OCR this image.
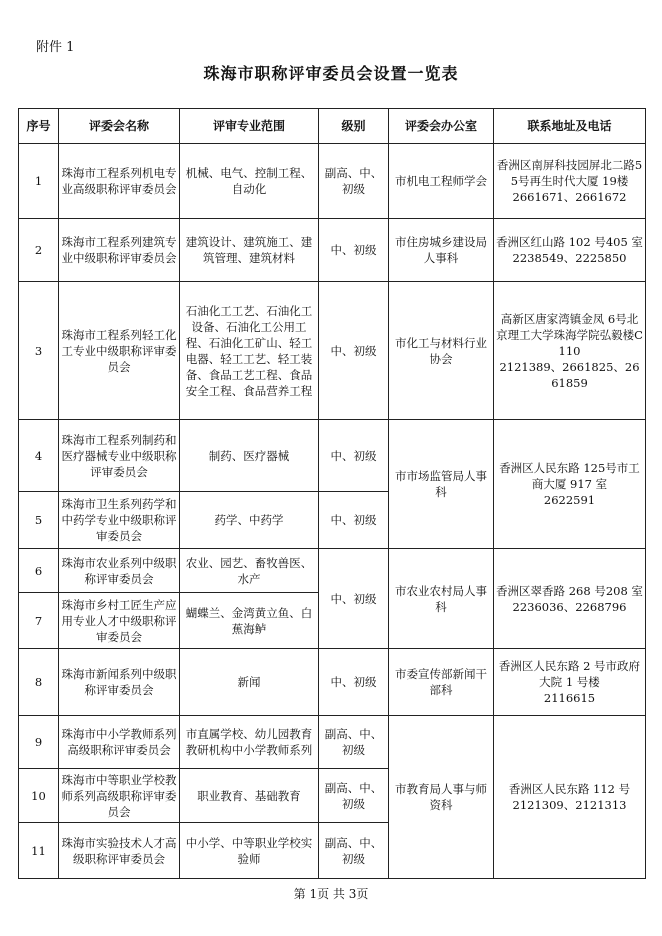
附件 1
珠海市职称评审委员会设置一览表
序号	评委会名称	评审专业范围	级别	评委会办公室	联系地址及电话
1	珠海市工程系列机电专业高级职称评审委员会	机械、电气、控制工程、自动化	副高、中、初级	市机电工程师学会	香洲区南屏科技园屏北二路55号再生时代大厦 19楼
2661671、2661672
2	珠海市工程系列建筑专业中级职称评审委员会	建筑设计、建筑施工、建筑管理、建筑材料	中、初级	市住房城乡建设局人事科	香洲区红山路 102 号405 室
2238549、2225850
3	珠海市工程系列轻工化工专业中级职称评审委员会	石油化工工艺、石油化工设备、石油化工公用工程、石油化工矿山、轻工电器、轻工工艺、轻工装备、食品工艺工程、食品安全工程、食品营养工程	中、初级	市化工与材料行业协会	高新区唐家湾镇金凤 6号北京理工大学珠海学院弘毅楼C110
2121389、2661825、2661859
4	珠海市工程系列制药和医疗器械专业中级职称评审委员会	制药、医疗器械	中、初级	市市场监管局人事科	香洲区人民东路 125号市工商大厦 917 室
2622591
5	珠海市卫生系列药学和中药学专业中级职称评审委员会	药学、中药学	中、初级		
6	珠海市农业系列中级职称评审委员会	农业、园艺、畜牧兽医、水产	中、初级	市农业农村局人事科	香洲区翠香路 268 号208 室
2236036、2268796
7	珠海市乡村工匠生产应用专业人才中级职称评审委员会	蝴蝶兰、金湾黄立鱼、白蕉海鲈			
8	珠海市新闻系列中级职称评审委员会	新闻	中、初级	市委宣传部新闻干部科	香洲区人民东路 2 号市政府大院 1 号楼
2116615
9	珠海市中小学教师系列高级职称评审委员会	市直属学校、幼儿园教育教研机构中小学教师系列	副高、中、初级	市教育局人事与师资科	香洲区人民东路 112 号
2121309、2121313
10	珠海市中等职业学校教师系列高级职称评审委员会	职业教育、基础教育	副高、中、初级		
11	珠海市实验技术人才高级职称评审委员会	中小学、中等职业学校实验师	副高、中、初级		
第 1页 共 3页
